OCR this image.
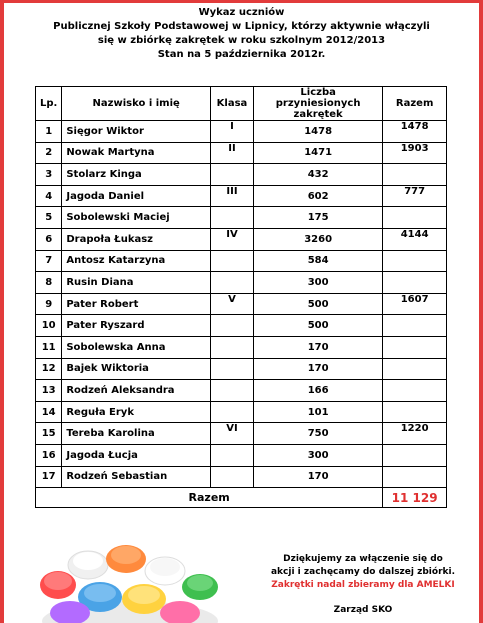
Wykaz uczniów
Publicznej Szkoły Podstawowej w Lipnicy, którzy aktywnie włączyli
się w zbiórkę zakrętek w roku szkolnym 2012/2013
Stan na 5 października 2012r.
Lp.	Nazwisko i imię	Klasa	Liczba przyniesionych zakrętek	Razem
1	Sięgor Wiktor	I	1478	1478
2	Nowak Martyna	II	1471	1903
3	Stolarz Kinga		432	
4	Jagoda Daniel	III	602	777
5	Sobolewski Maciej		175	
6	Drapoła Łukasz	IV	3260	4144
7	Antosz Katarzyna		584	
8	Rusin Diana		300	
9	Pater Robert	V	500	1607
10	Pater Ryszard		500	
11	Sobolewska Anna		170	
12	Bajek Wiktoria		170	
13	Rodzeń Aleksandra		166	
14	Reguła Eryk		101	
15	Tereba Karolina	VI	750	1220
16	Jagoda Łucja		300	
17	Rodzeń Sebastian		170	
Razem				11 129
Dziękujemy za włączenie się do
akcji i zachęcamy do dalszej zbiórki.
Zakrętki nadal zbieramy dla AMELKI
Zarząd SKO
